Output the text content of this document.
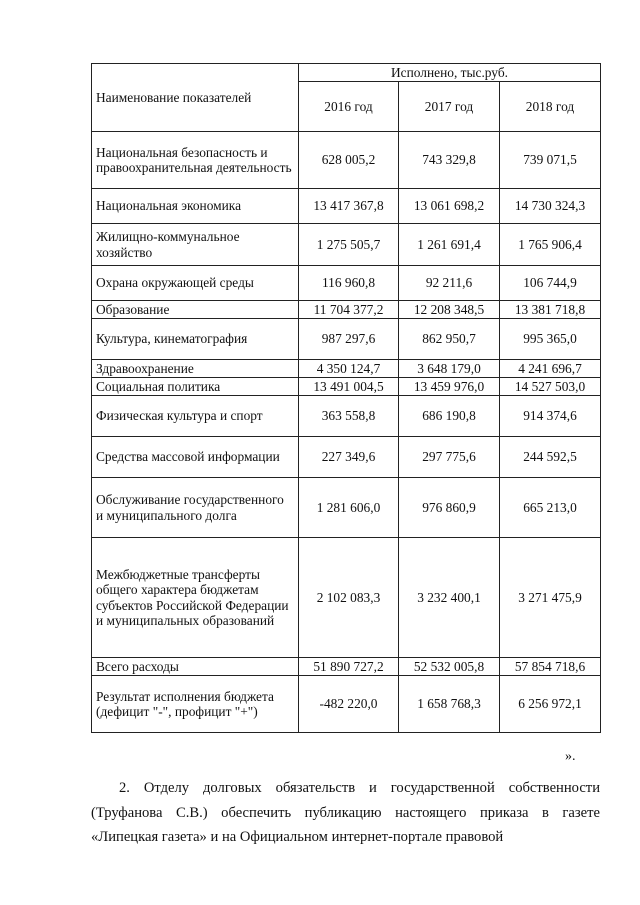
Наименование показателей	Исполнено, тыс.руб.		
	2016 год	2017 год	2018 год
Национальная безопасность и правоохранительная деятельность	628 005,2	743 329,8	739 071,5
Национальная экономика	13 417 367,8	13 061 698,2	14 730 324,3
Жилищно-коммунальное хозяйство	1 275 505,7	1 261 691,4	1 765 906,4
Охрана окружающей среды	116 960,8	92 211,6	106 744,9
Образование	11 704 377,2	12 208 348,5	13 381 718,8
Культура, кинематография	987 297,6	862 950,7	995 365,0
Здравоохранение	4 350 124,7	3 648 179,0	4 241 696,7
Социальная политика	13 491 004,5	13 459 976,0	14 527 503,0
Физическая культура и спорт	363 558,8	686 190,8	914 374,6
Средства массовой информации	227 349,6	297 775,6	244 592,5
Обслуживание государственного и муниципального долга	1 281 606,0	976 860,9	665 213,0
Межбюджетные трансферты общего характера бюджетам субъектов Российской Федерации и муниципальных образований	2 102 083,3	3 232 400,1	3 271 475,9
Всего расходы	51 890 727,2	52 532 005,8	57 854 718,6
Результат исполнения бюджета (дефицит "-", профицит "+")	-482 220,0	1 658 768,3	6 256 972,1
».
2. Отделу долговых обязательств и государственной собственности (Труфанова С.В.) обеспечить публикацию настоящего приказа в газете «Липецкая газета» и на Официальном интернет-портале правовой
